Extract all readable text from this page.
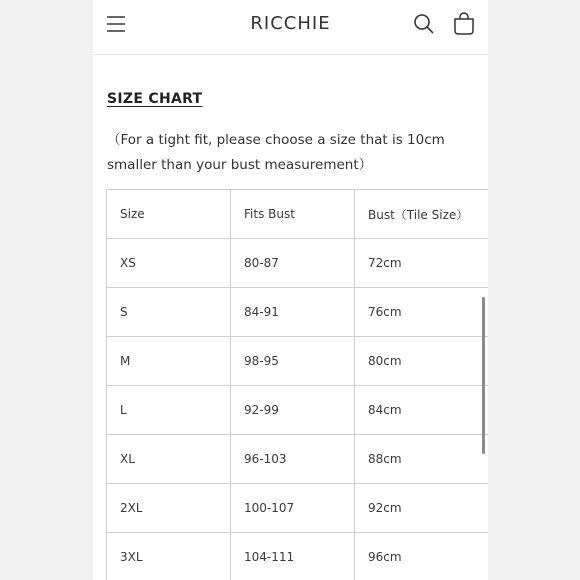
RICCHIE
SIZE CHART
（For a tight fit, please choose a size that is 10cm smaller than your bust measurement）
Size	Fits Bust	Bust（Tile Size）
XS	80-87	72cm
S	84-91	76cm
M	98-95	80cm
L	92-99	84cm
XL	96-103	88cm
2XL	100-107	92cm
3XL	104-111	96cm
